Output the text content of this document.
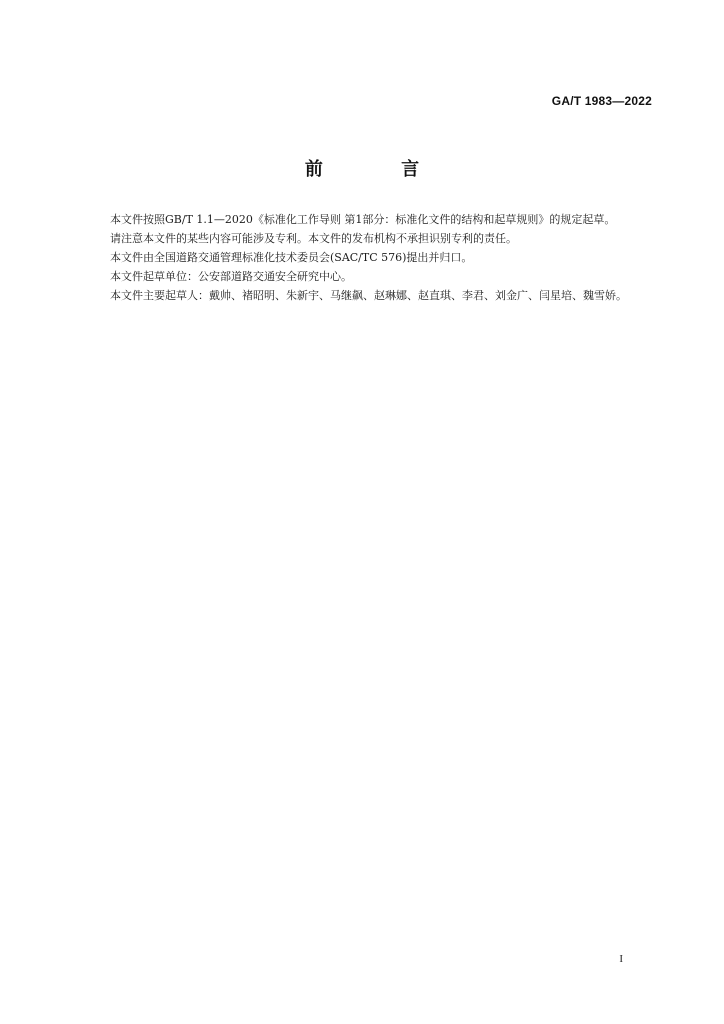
GA/T 1983—2022
前 言

本文件按照GB/T 1.1—2020《标准化工作导则 第1部分：标准化文件的结构和起草规则》的规定起草。

请注意本文件的某些内容可能涉及专利。本文件的发布机构不承担识别专利的责任。

本文件由全国道路交通管理标准化技术委员会(SAC/TC 576)提出并归口。

本文件起草单位：公安部道路交通安全研究中心。

本文件主要起草人：戴帅、褚昭明、朱新宇、马继飙、赵琳娜、赵直琪、李君、刘金广、闫星培、魏雪娇。

I
